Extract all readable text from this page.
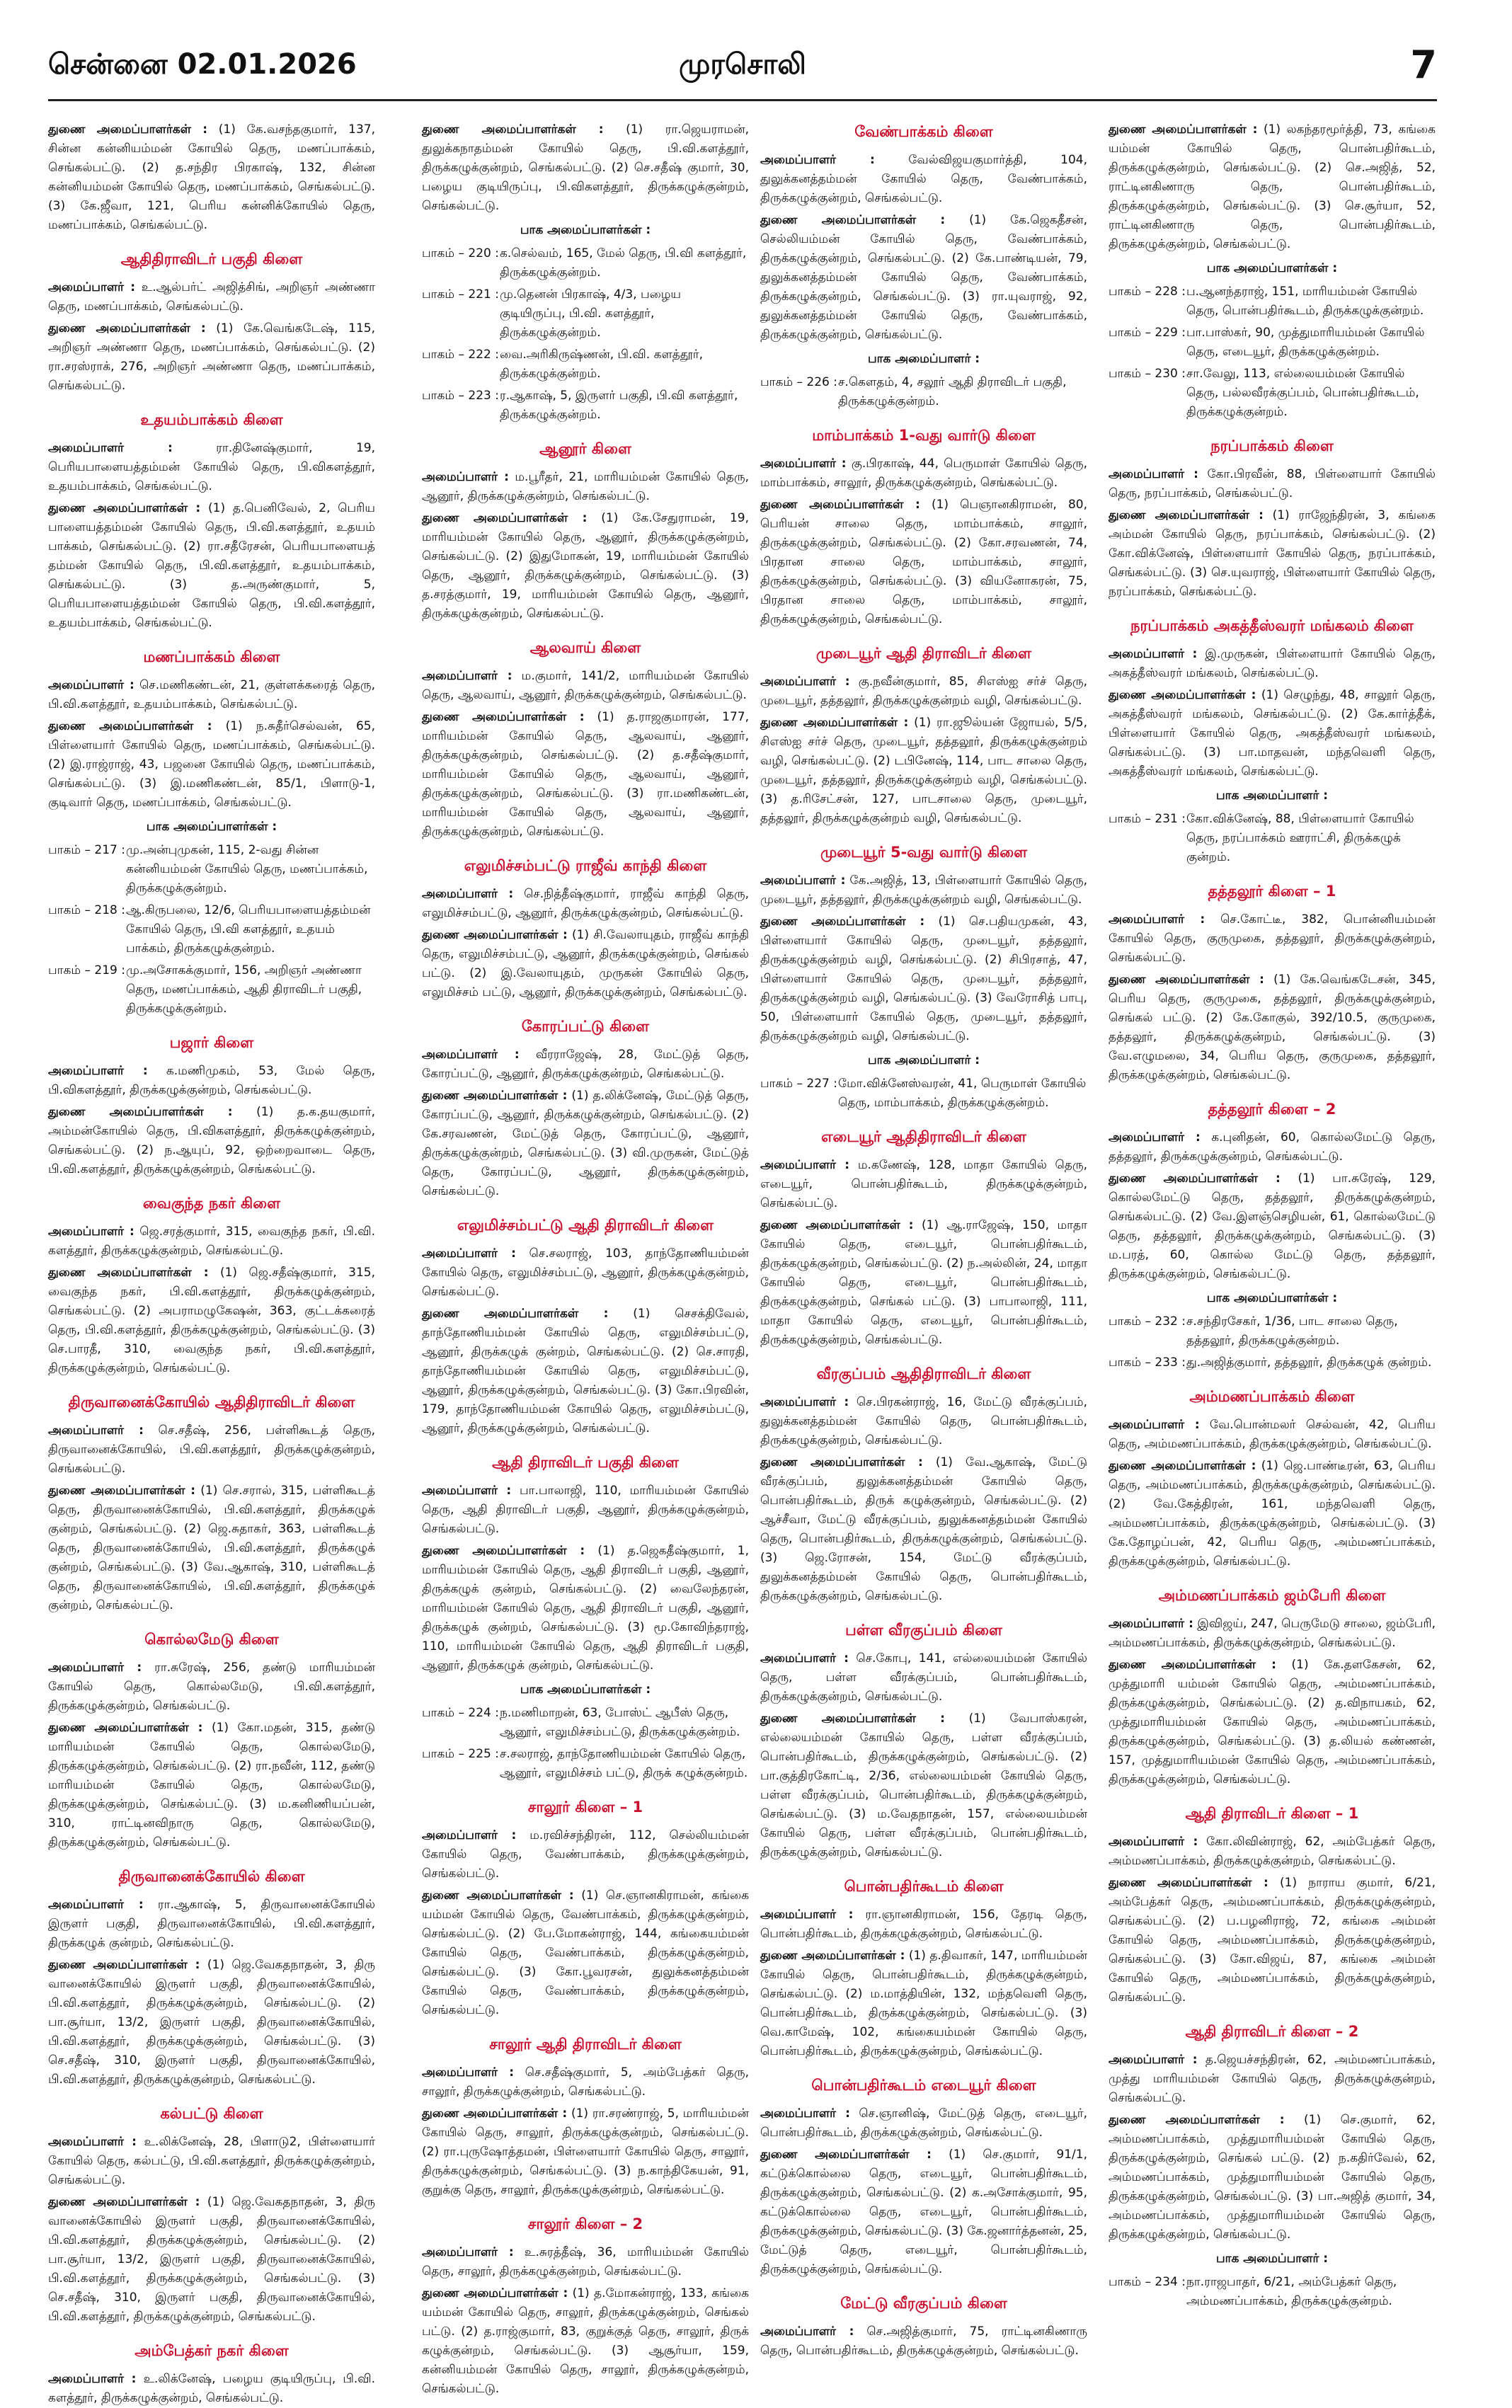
சென்னை 02.01.2026	முரசொலி	7
துணை அமைப்பாளர்கள் : (1) கே.வசந்தகுமார், 137, சின்ன கன்னியம்மன் கோயில் தெரு, மணப்பாக்கம், செங்கல்பட்டு. (2) த.சந்திர பிரகாஷ், 132, சின்ன கன்னியம்மன் கோயில் தெரு, மணப்பாக்கம், செங்கல்பட்டு. (3) கே.ஜீவா, 121, பெரிய கன்னிக்கோயில் தெரு, மணப்பாக்கம், செங்கல்பட்டு.
ஆதிதிராவிடர் பகுதி கிளை
அமைப்பாளர் : உ.ஆல்பர்ட் அஜித்சிங், அறிஞர் அண்ணா தெரு, மணப்பாக்கம், செங்கல்பட்டு.
துணை அமைப்பாளர்கள் : (1) கே.வெங்கடேஷ், 115, அறிஞர் அண்ணா தெரு, மணப்பாக்கம், செங்கல்பட்டு. (2) ரா.சரஸ்ராக், 276, அறிஞர் அண்ணா தெரு, மணப்பாக்கம், செங்கல்பட்டு.
உதயம்பாக்கம் கிளை
அமைப்பாளர் : ரா.தினேஷ்குமார், 19, பெரியபாளையத்தம்மன் கோயில் தெரு, பி.விகளத்தூர், உதயம்பாக்கம், செங்கல்பட்டு.
துணை அமைப்பாளர்கள் : (1) த.பெனிவேல், 2, பெரிய பாளையத்தம்மன் கோயில் தெரு, பி.வி.களத்தூர், உதயம் பாக்கம், செங்கல்பட்டு. (2) ரா.சதீரேசன், பெரியபாளையத் தம்மன் கோயில் தெரு, பி.வி.களத்தூர், உதயம்பாக்கம், செங்கல்பட்டு. (3) த.அருண்குமார், 5, பெரியபாளையத்தம்மன் கோயில் தெரு, பி.வி.களத்தூர், உதயம்பாக்கம், செங்கல்பட்டு.
மணப்பாக்கம் கிளை
அமைப்பாளர் : செ.மணிகண்டன், 21, குள்ளக்கரைத் தெரு, பி.வி.களத்தூர், உதயம்பாக்கம், செங்கல்பட்டு.
துணை அமைப்பாளர்கள் : (1) ந.சுதீர்செல்வன், 65, பிள்ளையார் கோயில் தெரு, மணப்பாக்கம், செங்கல்பட்டு. (2) இ.ராஜ்ராஜ், 43, பஜனை கோயில் தெரு, மணப்பாக்கம், செங்கல்பட்டு. (3) இ.மணிகண்டன், 85/1, பிளாடு-1, குடிவார் தெரு, மணப்பாக்கம், செங்கல்பட்டு.
பாக அமைப்பாளர்கள் :
பாகம் – 217 : மு.அன்புமுகன், 115, 2-வது சின்ன கன்னியம்மன் கோயில் தெரு, மணப்பாக்கம், திருக்கழுக்குன்றம்.
பாகம் – 218 : ஆ.கிருபலை, 12/6, பெரியபாளையத்தம்மன் கோயில் தெரு, பி.வி களத்தூர், உதயம் பாக்கம், திருக்கழுக்குன்றம்.
பாகம் – 219 : மு.அசோகக்குமார், 156, அறிஞர் அண்ணா தெரு, மணப்பாக்கம், ஆதி திராவிடர் பகுதி, திருக்கழுக்குன்றம்.
பஜார் கிளை
அமைப்பாளர் : க.மணிமுகம், 53, மேல் தெரு, பி.விகளத்தூர், திருக்கழுக்குன்றம், செங்கல்பட்டு.
துணை அமைப்பாளர்கள் : (1) த.க.தயகுமார், அம்மன்கோயில் தெரு, பி.விகளத்தூர், திருக்கழுக்குன்றம், செங்கல்பட்டு. (2) ந.ஆயுப், 92, ஒற்றைவாடை தெரு, பி.வி.களத்தூர், திருக்கழுக்குன்றம், செங்கல்பட்டு.
வைகுந்த நகர் கிளை
அமைப்பாளர் : ஜெ.சரத்குமார், 315, வைகுந்த நகர், பி.வி. களத்தூர், திருக்கழுக்குன்றம், செங்கல்பட்டு.
துணை அமைப்பாளர்கள் : (1) ஜெ.சதீஷ்குமார், 315, வைகுந்த நகர், பி.வி.களத்தூர், திருக்கழுக்குன்றம், செங்கல்பட்டு. (2) அபராமழுகேஷன், 363, குட்டக்கரைத் தெரு, பி.வி.களத்தூர், திருக்கழுக்குன்றம், செங்கல்பட்டு. (3) செ.பாரதீ, 310, வைகுந்த நகர், பி.வி.களத்தூர், திருக்கழுக்குன்றம், செங்கல்பட்டு.
திருவானைக்கோயில் ஆதிதிராவிடர் கிளை
அமைப்பாளர் : செ.சதீஷ், 256, பள்ளிகூடத் தெரு, திருவானைக்கோயில், பி.வி.களத்தூர், திருக்கழுக்குன்றம், செங்கல்பட்டு.
துணை அமைப்பாளர்கள் : (1) செ.சரால், 315, பள்ளிகூடத் தெரு, திருவானைக்கோயில், பி.வி.களத்தூர், திருக்கழுக் குன்றம், செங்கல்பட்டு. (2) ஜெ.சுதாகர், 363, பள்ளிகூடத் தெரு, திருவானைக்கோயில், பி.வி.களத்தூர், திருக்கழுக் குன்றம், செங்கல்பட்டு. (3) வே.ஆகாஷ், 310, பள்ளிகூடத் தெரு, திருவானைக்கோயில், பி.வி.களத்தூர், திருக்கழுக் குன்றம், செங்கல்பட்டு.
கொல்லமேடு கிளை
அமைப்பாளர் : ரா.சுரேஷ், 256, தண்டு மாரியம்மன் கோயில் தெரு, கொல்லமேடு, பி.வி.களத்தூர், திருக்கழுக்குன்றம், செங்கல்பட்டு.
துணை அமைப்பாளர்கள் : (1) கோ.மதன், 315, தண்டு மாரியம்மன் கோயில் தெரு, கொல்லமேடு, திருக்கழுக்குன்றம், செங்கல்பட்டு. (2) ரா.நவீன், 112, தண்டு மாரியம்மன் கோயில் தெரு, கொல்லமேடு, திருக்கழுக்குன்றம், செங்கல்பட்டு. (3) ம.கனிணியப்பன், 310, ராட்டினவிநாரு தெரு, கொல்லமேடு, திருக்கழுக்குன்றம், செங்கல்பட்டு.
திருவானைக்கோயில் கிளை
அமைப்பாளர் : ரா.ஆகாஷ், 5, திருவானைக்கோயில் இருளர் பகுதி, திருவானைக்கோயில், பி.வி.களத்தூர், திருக்கழுக் குன்றம், செங்கல்பட்டு.
துணை அமைப்பாளர்கள் : (1) ஜெ.வேகதநாதன், 3, திரு வானைக்கோயில் இருளர் பகுதி, திருவானைக்கோயில், பி.வி.களத்தூர், திருக்கழுக்குன்றம், செங்கல்பட்டு. (2) பா.சூர்யா, 13/2, இருளர் பகுதி, திருவானைக்கோயில், பி.வி.களத்தூர், திருக்கழுக்குன்றம், செங்கல்பட்டு. (3) செ.சதீஷ், 310, இருளர் பகுதி, திருவானைக்கோயில், பி.வி.களத்தூர், திருக்கழுக்குன்றம், செங்கல்பட்டு.
கல்பட்டு கிளை
அமைப்பாளர் : உ.லிக்னேஷ், 28, பிளாடு2, பிள்ளையார் கோயில் தெரு, கல்பட்டு, பி.வி.களத்தூர், திருக்கழுக்குன்றம், செங்கல்பட்டு.
துணை அமைப்பாளர்கள் : (1) ஜெ.வேகதநாதன், 3, திரு வானைக்கோயில் இருளர் பகுதி, திருவானைக்கோயில், பி.வி.களத்தூர், திருக்கழுக்குன்றம், செங்கல்பட்டு. (2) பா.சூர்யா, 13/2, இருளர் பகுதி, திருவானைக்கோயில், பி.வி.களத்தூர், திருக்கழுக்குன்றம், செங்கல்பட்டு. (3) செ.சதீஷ், 310, இருளர் பகுதி, திருவானைக்கோயில், பி.வி.களத்தூர், திருக்கழுக்குன்றம், செங்கல்பட்டு.
அம்பேத்கர் நகர் கிளை
அமைப்பாளர் : உ.லிக்னேஷ், பழைய குடியிருப்பு, பி.வி. களத்தூர், திருக்கழுக்குன்றம், செங்கல்பட்டு.
துணை அமைப்பாளர்கள் : (1) ரா.ஜெயராமன், துலுக்கநாதம்மன் கோயில் தெரு, பி.வி.களத்தூர், திருக்கழுக்குன்றம், செங்கல்பட்டு. (2) செ.சதீஷ் குமார், 30, பழைய குடியிருப்பு, பி.விகளத்தூர், திருக்கழுக்குன்றம், செங்கல்பட்டு.
பாக அமைப்பாளர்கள் :
பாகம் – 220 : க.செல்வம், 165, மேல் தெரு, பி.வி களத்தூர், திருக்கழுக்குன்றம்.
பாகம் – 221 : மு.தெனன் பிரகாஷ், 4/3, பழைய குடியிருப்பு, பி.வி. களத்தூர், திருக்கழுக்குன்றம்.
பாகம் – 222 : வை.அரிகிருஷ்ணன், பி.வி. களத்தூர், திருக்கழுக்குன்றம்.
பாகம் – 223 : ர.ஆகாஷ், 5, இருளர் பகுதி, பி.வி களத்தூர், திருக்கழுக்குன்றம்.
ஆனூர் கிளை
அமைப்பாளர் : ம.பூரீதர், 21, மாரியம்மன் கோயில் தெரு, ஆனூர், திருக்கழுக்குன்றம், செங்கல்பட்டு.
துணை அமைப்பாளர்கள் : (1) கே.சேதுராமன், 19, மாரியம்மன் கோயில் தெரு, ஆனூர், திருக்கழுக்குன்றம், செங்கல்பட்டு. (2) இதுமோகன், 19, மாரியம்மன் கோயில் தெரு, ஆனூர், திருக்கழுக்குன்றம், செங்கல்பட்டு. (3) த.சரத்குமார், 19, மாரியம்மன் கோயில் தெரு, ஆனூர், திருக்கழுக்குன்றம், செங்கல்பட்டு.
ஆலவாய் கிளை
அமைப்பாளர் : ம.குமார், 141/2, மாரியம்மன் கோயில் தெரு, ஆலவாய், ஆனூர், திருக்கழுக்குன்றம், செங்கல்பட்டு.
துணை அமைப்பாளர்கள் : (1) த.ராஜகுமாரன், 177, மாரியம்மன் கோயில் தெரு, ஆலவாய், ஆனூர், திருக்கழுக்குன்றம், செங்கல்பட்டு. (2) த.சதீஷ்குமார், மாரியம்மன் கோயில் தெரு, ஆலவாய், ஆனூர், திருக்கழுக்குன்றம், செங்கல்பட்டு. (3) ரா.மணிகண்டன், மாரியம்மன் கோயில் தெரு, ஆலவாய், ஆனூர், திருக்கழுக்குன்றம், செங்கல்பட்டு.
எலுமிச்சம்பட்டு ராஜீவ் காந்தி கிளை
அமைப்பாளர் : செ.நித்தீஷ்குமார், ராஜீவ் காந்தி தெரு, எலுமிச்சம்பட்டு, ஆனூர், திருக்கழுக்குன்றம், செங்கல்பட்டு.
துணை அமைப்பாளர்கள் : (1) சி.வேலாயுதம், ராஜீவ் காந்தி தெரு, எலுமிச்சம்பட்டு, ஆனூர், திருக்கழுக்குன்றம், செங்கல் பட்டு. (2) இ.வேலாயுதம், முருகன் கோயில் தெரு, எலுமிச்சம் பட்டு, ஆனூர், திருக்கழுக்குன்றம், செங்கல்பட்டு.
கோரப்பட்டு கிளை
அமைப்பாளர் : வீரராஜேஷ், 28, மேட்டுத் தெரு, கோரப்பட்டு, ஆனூர், திருக்கழுக்குன்றம், செங்கல்பட்டு.
துணை அமைப்பாளர்கள் : (1) த.லிக்னேஷ், மேட்டுத் தெரு, கோரப்பட்டு, ஆனூர், திருக்கழுக்குன்றம், செங்கல்பட்டு. (2) கே.சரவணன், மேட்டுத் தெரு, கோரப்பட்டு, ஆனூர், திருக்கழுக்குன்றம், செங்கல்பட்டு. (3) வி.முருகன், மேட்டுத் தெரு, கோரப்பட்டு, ஆனூர், திருக்கழுக்குன்றம், செங்கல்பட்டு.
எலுமிச்சம்பட்டு ஆதி திராவிடர் கிளை
அமைப்பாளர் : செ.சலராஜ், 103, தாந்தோணியம்மன் கோயில் தெரு, எலுமிச்சம்பட்டு, ஆனூர், திருக்கழுக்குன்றம், செங்கல்பட்டு.
துணை அமைப்பாளர்கள் : (1) செசக்திவேல், தாந்தோணியம்மன் கோயில் தெரு, எலுமிச்சம்பட்டு, ஆனூர், திருக்கழுக் குன்றம், செங்கல்பட்டு. (2) செ.சாரதி, தாந்தோணியம்மன் கோயில் தெரு, எலுமிச்சம்பட்டு, ஆனூர், திருக்கழுக்குன்றம், செங்கல்பட்டு. (3) கோ.பிரவின், 179, தாந்தோணியம்மன் கோயில் தெரு, எலுமிச்சம்பட்டு, ஆனூர், திருக்கழுக்குன்றம், செங்கல்பட்டு.
ஆதி திராவிடர் பகுதி கிளை
அமைப்பாளர் : பா.பாலாஜி, 110, மாரியம்மன் கோயில் தெரு, ஆதி திராவிடர் பகுதி, ஆனூர், திருக்கழுக்குன்றம், செங்கல்பட்டு.
துணை அமைப்பாளர்கள் : (1) த.ஜெகதீஷ்குமார், 1, மாரியம்மன் கோயில் தெரு, ஆதி திராவிடர் பகுதி, ஆனூர், திருக்கழுக் குன்றம், செங்கல்பட்டு. (2) வைலேந்தரன், மாரியம்மன் கோயில் தெரு, ஆதி திராவிடர் பகுதி, ஆனூர், திருக்கழுக் குன்றம், செங்கல்பட்டு. (3) மூ.கோவிந்தராஜ், 110, மாரியம்மன் கோயில் தெரு, ஆதி திராவிடர் பகுதி, ஆனூர், திருக்கழுக் குன்றம், செங்கல்பட்டு.
பாக அமைப்பாளர்கள் :
பாகம் – 224 : ந.மணிமாறன், 63, போஸ்ட் ஆபீஸ் தெரு, ஆனூர், எலுமிச்சம்பட்டு, திருக்கழுக்குன்றம்.
பாகம் – 225 : ச.சலராஜ், தாந்தோணியம்மன் கோயில் தெரு, ஆனூர், எலுமிச்சம் பட்டு, திருக் கழுக்குன்றம்.
சாலூர் கிளை – 1
அமைப்பாளர் : ம.ரவிச்சந்திரன், 112, செல்லியம்மன் கோயில் தெரு, வேண்பாக்கம், திருக்கழுக்குன்றம், செங்கல்பட்டு.
துணை அமைப்பாளர்கள் : (1) செ.ஞானகிராமன், கங்கை யம்மன் கோயில் தெரு, வேண்பாக்கம், திருக்கழுக்குன்றம், செங்கல்பட்டு. (2) பே.மோகன்ராஜ், 144, கங்கையம்மன் கோயில் தெரு, வேண்பாக்கம், திருக்கழுக்குன்றம், செங்கல்பட்டு. (3) கோ.பூவரசன், துலுக்கனத்தம்மன் கோயில் தெரு, வேண்பாக்கம், திருக்கழுக்குன்றம், செங்கல்பட்டு.
சாலூர் ஆதி திராவிடர் கிளை
அமைப்பாளர் : செ.சதீஷ்குமார், 5, அம்பேத்கர் தெரு, சாலூர், திருக்கழுக்குன்றம், செங்கல்பட்டு.
துணை அமைப்பாளர்கள் : (1) ரா.சரண்ராஜ், 5, மாரியம்மன் கோயில் தெரு, சாலூர், திருக்கழுக்குன்றம், செங்கல்பட்டு. (2) ரா.புருஷோத்தமன், பிள்ளையார் கோயில் தெரு, சாலூர், திருக்கழுக்குன்றம், செங்கல்பட்டு. (3) ந.காந்திகேயன், 91, குறுக்கு தெரு, சாலூர், திருக்கழுக்குன்றம், செங்கல்பட்டு.
சாலூர் கிளை – 2
அமைப்பாளர் : உ.சுரத்தீஷ், 36, மாரியம்மன் கோயில் தெரு, சாலூர், திருக்கழுக்குன்றம், செங்கல்பட்டு.
துணை அமைப்பாளர்கள் : (1) த.மோகன்ராஜ், 133, கங்கை யம்மன் கோயில் தெரு, சாலூர், திருக்கழுக்குன்றம், செங்கல் பட்டு. (2) த.ராஜ்குமார், 83, குறுக்குத் தெரு, சாலூர், திருக் கழுக்குன்றம், செங்கல்பட்டு. (3) ஆசூர்யா, 159, கன்னியம்மன் கோயில் தெரு, சாலூர், திருக்கழுக்குன்றம், செங்கல்பட்டு.
வேண்பாக்கம் கிளை
அமைப்பாளர் : வேல்விஜயகுமார்த்தி, 104, துலுக்கனத்தம்மன் கோயில் தெரு, வேண்பாக்கம், திருக்கழுக்குன்றம், செங்கல்பட்டு.
துணை அமைப்பாளர்கள் : (1) கே.ஜெகதீசன், செல்லியம்மன் கோயில் தெரு, வேண்பாக்கம், திருக்கழுக்குன்றம், செங்கல்பட்டு. (2) கே.பாண்டியன், 79, துலுக்கனத்தம்மன் கோயில் தெரு, வேண்பாக்கம், திருக்கழுக்குன்றம், செங்கல்பட்டு. (3) ரா.யுவராஜ், 92, துலுக்கனத்தம்மன் கோயில் தெரு, வேண்பாக்கம், திருக்கழுக்குன்றம், செங்கல்பட்டு.
பாக அமைப்பாளர் :
பாகம் – 226 : ச.கௌதம், 4, சலூர் ஆதி திராவிடர் பகுதி, திருக்கழுக்குன்றம்.
மாம்பாக்கம் 1-வது வார்டு கிளை
அமைப்பாளர் : கு.பிரகாஷ், 44, பெருமாள் கோயில் தெரு, மாம்பாக்கம், சாலூர், திருக்கழுக்குன்றம், செங்கல்பட்டு.
துணை அமைப்பாளர்கள் : (1) பெஞானகிராமன், 80, பெரியன் சாலை தெரு, மாம்பாக்கம், சாலூர், திருக்கழுக்குன்றம், செங்கல்பட்டு. (2) கோ.சரவணன், 74, பிரதான சாலை தெரு, மாம்பாக்கம், சாலூர், திருக்கழுக்குன்றம், செங்கல்பட்டு. (3) வியனோகரன், 75, பிரதான சாலை தெரு, மாம்பாக்கம், சாலூர், திருக்கழுக்குன்றம், செங்கல்பட்டு.
முடையூர் ஆதி திராவிடர் கிளை
அமைப்பாளர் : கு.நவீன்குமார், 85, சிஎஸ்ஐ சர்ச் தெரு, முடையூர், தத்தலூர், திருக்கழுக்குன்றம் வழி, செங்கல்பட்டு.
துணை அமைப்பாளர்கள் : (1) ரா.ஜூல்யன் ஜோயல், 5/5, சிஎஸ்ஐ சர்ச் தெரு, முடையூர், தத்தலூர், திருக்கழுக்குன்றம் வழி, செங்கல்பட்டு. (2) டபினேஷ், 114, பாட சாலை தெரு, முடையூர், தத்தலூர், திருக்கழுக்குன்றம் வழி, செங்கல்பட்டு. (3) த.ரிசேட்சன், 127, பாடசாலை தெரு, முடையூர், தத்தலூர், திருக்கழுக்குன்றம் வழி, செங்கல்பட்டு.
முடையூர் 5-வது வார்டு கிளை
அமைப்பாளர் : கே.அஜித், 13, பிள்ளையார் கோயில் தெரு, முடையூர், தத்தலூர், திருக்கழுக்குன்றம் வழி, செங்கல்பட்டு.
துணை அமைப்பாளர்கள் : (1) செ.பதியமுகன், 43, பிள்ளையார் கோயில் தெரு, முடையூர், தத்தலூர், திருக்கழுக்குன்றம் வழி, செங்கல்பட்டு. (2) சிபிரசாத், 47, பிள்ளையார் கோயில் தெரு, முடையூர், தத்தலூர், திருக்கழுக்குன்றம் வழி, செங்கல்பட்டு. (3) வேரோசித் பாபு, 50, பிள்ளையார் கோயில் தெரு, முடையூர், தத்தலூர், திருக்கழுக்குன்றம் வழி, செங்கல்பட்டு.
பாக அமைப்பாளர் :
பாகம் – 227 : மோ.விக்னேஸ்வரன், 41, பெருமாள் கோயில் தெரு, மாம்பாக்கம், திருக்கழுக்குன்றம்.
எடையூர் ஆதிதிராவிடர் கிளை
அமைப்பாளர் : ம.கணேஷ், 128, மாதா கோயில் தெரு, எடையூர், பொன்பதிர்கூடம், திருக்கழுக்குன்றம், செங்கல்பட்டு.
துணை அமைப்பாளர்கள் : (1) ஆ.ராஜேஷ், 150, மாதா கோயில் தெரு, எடையூர், பொன்பதிர்கூடம், திருக்கழுக்குன்றம், செங்கல்பட்டு. (2) ந.அல்லின், 24, மாதா கோயில் தெரு, எடையூர், பொன்பதிர்கூடம், திருக்கழுக்குன்றம், செங்கல் பட்டு. (3) பாபாலாஜி, 111, மாதா கோயில் தெரு, எடையூர், பொன்பதிர்கூடம், திருக்கழுக்குன்றம், செங்கல்பட்டு.
வீரகுப்பம் ஆதிதிராவிடர் கிளை
அமைப்பாளர் : செ.பிரகன்ராஜ், 16, மேட்டு வீரக்குப்பம், துலுக்கனத்தம்மன் கோயில் தெரு, பொன்பதிர்கூடம், திருக்கழுக்குன்றம், செங்கல்பட்டு.
துணை அமைப்பாளர்கள் : (1) வே.ஆகாஷ், மேட்டு வீரக்குப்பம், துலுக்கனத்தம்மன் கோயில் தெரு, பொன்பதிர்கூடம், திருக் கழுக்குன்றம், செங்கல்பட்டு. (2) ஆச்சீவா, மேட்டு வீரக்குப்பம், துலுக்கனத்தம்மன் கோயில் தெரு, பொன்பதிர்கூடம், திருக்கழுக்குன்றம், செங்கல்பட்டு. (3) ஜெ.ரோசன், 154, மேட்டு வீரக்குப்பம், துலுக்கனத்தம்மன் கோயில் தெரு, பொன்பதிர்கூடம், திருக்கழுக்குன்றம், செங்கல்பட்டு.
பள்ள வீரகுப்பம் கிளை
அமைப்பாளர் : செ.கோபு, 141, எல்லையம்மன் கோயில் தெரு, பள்ள வீரக்குப்பம், பொன்பதிர்கூடம், திருக்கழுக்குன்றம், செங்கல்பட்டு.
துணை அமைப்பாளர்கள் : (1) வேபாஸ்கரன், எல்லையம்மன் கோயில் தெரு, பள்ள வீரக்குப்பம், பொன்பதிர்கூடம், திருக்கழுக்குன்றம், செங்கல்பட்டு. (2) பா.குத்திரகோட்டி, 2/36, எல்லையம்மன் கோயில் தெரு, பள்ள வீரக்குப்பம், பொன்பதிர்கூடம், திருக்கழுக்குன்றம், செங்கல்பட்டு. (3) ம.வேதநாதன், 157, எல்லையம்மன் கோயில் தெரு, பள்ள வீரக்குப்பம், பொன்பதிர்கூடம், திருக்கழுக்குன்றம், செங்கல்பட்டு.
பொன்பதிர்கூடம் கிளை
அமைப்பாளர் : ரா.ஞானகிராமன், 156, தேரடி தெரு, பொன்பதிர்கூடம், திருக்கழுக்குன்றம், செங்கல்பட்டு.
துணை அமைப்பாளர்கள் : (1) த.திவாகர், 147, மாரியம்மன் கோயில் தெரு, பொன்பதிர்கூடம், திருக்கழுக்குன்றம், செங்கல்பட்டு. (2) ம.மாத்தியின், 132, மந்தவெளி தெரு, பொன்பதிர்கூடம், திருக்கழுக்குன்றம், செங்கல்பட்டு. (3) வெ.காமேஷ், 102, கங்கையம்மன் கோயில் தெரு, பொன்பதிர்கூடம், திருக்கழுக்குன்றம், செங்கல்பட்டு.
பொன்பதிர்கூடம் எடையூர் கிளை
அமைப்பாளர் : செ.ஞானிஷ், மேட்டுத் தெரு, எடையூர், பொன்பதிர்கூடம், திருக்கழுக்குன்றம், செங்கல்பட்டு.
துணை அமைப்பாளர்கள் : (1) செ.குமார், 91/1, கட்டுக்கொல்லை தெரு, எடையூர், பொன்பதிர்கூடம், திருக்கழுக்குன்றம், செங்கல்பட்டு. (2) க.அசோக்குமார், 95, கட்டுக்கொல்லை தெரு, எடையூர், பொன்பதிர்கூடம், திருக்கழுக்குன்றம், செங்கல்பட்டு. (3) கே.ஜனார்த்தனன், 25, மேட்டுத் தெரு, எடையூர், பொன்பதிர்கூடம், திருக்கழுக்குன்றம், செங்கல்பட்டு.
மேட்டு வீரகுப்பம் கிளை
அமைப்பாளர் : செ.அஜித்குமார், 75, ராட்டினகிணாரு தெரு, பொன்பதிர்கூடம், திருக்கழுக்குன்றம், செங்கல்பட்டு.
துணை அமைப்பாளர்கள் : (1) லகந்தரமூர்த்தி, 73, கங்கை யம்மன் கோயில் தெரு, பொன்பதிர்கூடம், திருக்கழுக்குன்றம், செங்கல்பட்டு. (2) செ.அஜித், 52, ராட்டினகிணாரு தெரு, பொன்பதிர்கூடம், திருக்கழுக்குன்றம், செங்கல்பட்டு. (3) செ.சூர்யா, 52, ராட்டினகிணாரு தெரு, பொன்பதிர்கூடம், திருக்கழுக்குன்றம், செங்கல்பட்டு.
பாக அமைப்பாளர்கள் :
பாகம் – 228 : ப.ஆனந்தராஜ், 151, மாரியம்மன் கோயில் தெரு, பொன்பதிர்கூடம், திருக்கழுக்குன்றம்.
பாகம் – 229 : பா.பாஸ்கர், 90, முத்துமாரியம்மன் கோயில் தெரு, எடையூர், திருக்கழுக்குன்றம்.
பாகம் – 230 : சா.வேலு, 113, எல்லையம்மன் கோயில் தெரு, பல்லவீரக்குப்பம், பொன்பதிர்கூடம், திருக்கழுக்குன்றம்.
நரப்பாக்கம் கிளை
அமைப்பாளர் : கோ.பிரவீன், 88, பிள்ளையார் கோயில் தெரு, நரப்பாக்கம், செங்கல்பட்டு.
துணை அமைப்பாளர்கள் : (1) ராஜேந்திரன், 3, கங்கை அம்மன் கோயில் தெரு, நரப்பாக்கம், செங்கல்பட்டு. (2) கோ.விக்னேஷ், பிள்ளையார் கோயில் தெரு, நரப்பாக்கம், செங்கல்பட்டு. (3) செ.யுவராஜ், பிள்ளையார் கோயில் தெரு, நரப்பாக்கம், செங்கல்பட்டு.
நரப்பாக்கம் அகத்தீஸ்வரர் மங்கலம் கிளை
அமைப்பாளர் : இ.முருகன், பிள்ளையார் கோயில் தெரு, அகத்தீஸ்வரர் மங்கலம், செங்கல்பட்டு.
துணை அமைப்பாளர்கள் : (1) செழுந்து, 48, சாலூர் தெரு, அகத்தீஸ்வரர் மங்கலம், செங்கல்பட்டு. (2) கே.கார்த்தீக், பிள்ளையார் கோயில் தெரு, அகத்தீஸ்வரர் மங்கலம், செங்கல்பட்டு. (3) பா.மாதவன், மந்தவெளி தெரு, அகத்தீஸ்வரர் மங்கலம், செங்கல்பட்டு.
பாக அமைப்பாளர் :
பாகம் – 231 : கோ.விக்னேஷ், 88, பிள்ளையார் கோயில் தெரு, நரப்பாக்கம் ஊராட்சி, திருக்கழுக் குன்றம்.
தத்தலூர் கிளை – 1
அமைப்பாளர் : செ.கோட்டீ, 382, பொன்னியம்மன் கோயில் தெரு, குருமுகை, தத்தலூர், திருக்கழுக்குன்றம், செங்கல்பட்டு.
துணை அமைப்பாளர்கள் : (1) கே.வெங்கடேசன், 345, பெரிய தெரு, குருமுகை, தத்தலூர், திருக்கழுக்குன்றம், செங்கல் பட்டு. (2) கே.கோகுல், 392/10.5, குருமுகை, தத்தலூர், திருக்கழுக்குன்றம், செங்கல்பட்டு. (3) வே.எழுமலை, 34, பெரிய தெரு, குருமுகை, தத்தலூர், திருக்கழுக்குன்றம், செங்கல்பட்டு.
தத்தலூர் கிளை – 2
அமைப்பாளர் : க.புனிதன், 60, கொல்லமேட்டு தெரு, தத்தலூர், திருக்கழுக்குன்றம், செங்கல்பட்டு.
துணை அமைப்பாளர்கள் : (1) பா.சுரேஷ், 129, கொல்லமேட்டு தெரு, தத்தலூர், திருக்கழுக்குன்றம், செங்கல்பட்டு. (2) வே.இளஞ்செழியன், 61, கொல்லமேட்டு தெரு, தத்தலூர், திருக்கழுக்குன்றம், செங்கல்பட்டு. (3) ம.பரத், 60, கொல்ல மேட்டு தெரு, தத்தலூர், திருக்கழுக்குன்றம், செங்கல்பட்டு.
பாக அமைப்பாளர்கள் :
பாகம் – 232 : ச.சந்திரசேகர், 1/36, பாட சாலை தெரு, தத்தலூர், திருக்கழுக்குன்றம்.
பாகம் – 233 : து.அஜித்குமார், தத்தலூர், திருக்கழுக் குன்றம்.
அம்மணப்பாக்கம் கிளை
அமைப்பாளர் : வே.பொன்மலர் செல்வன், 42, பெரிய தெரு, அம்மணப்பாக்கம், திருக்கழுக்குன்றம், செங்கல்பட்டு.
துணை அமைப்பாளர்கள் : (1) ஜெ.பாண்டீரன், 63, பெரிய தெரு, அம்மணப்பாக்கம், திருக்கழுக்குன்றம், செங்கல்பட்டு. (2) வே.கேத்திரன், 161, மந்தவெளி தெரு, அம்மணப்பாக்கம், திருக்கழுக்குன்றம், செங்கல்பட்டு. (3) கே.தோழப்பன், 42, பெரிய தெரு, அம்மணப்பாக்கம், திருக்கழுக்குன்றம், செங்கல்பட்டு.
அம்மணப்பாக்கம் ஜம்பேரி கிளை
அமைப்பாளர் : இவிஜய், 247, பெருமேடு சாலை, ஜம்பேரி, அம்மணப்பாக்கம், திருக்கழுக்குன்றம், செங்கல்பட்டு.
துணை அமைப்பாளர்கள் : (1) கே.தளகேசன், 62, முத்துமாரி யம்மன் கோயில் தெரு, அம்மணப்பாக்கம், திருக்கழுக்குன்றம், செங்கல்பட்டு. (2) த.விநாயகம், 62, முத்துமாரியம்மன் கோயில் தெரு, அம்மணப்பாக்கம், திருக்கழுக்குன்றம், செங்கல்பட்டு. (3) த.லியல் கண்ணன், 157, முத்துமாரியம்மன் கோயில் தெரு, அம்மணப்பாக்கம், திருக்கழுக்குன்றம், செங்கல்பட்டு.
ஆதி திராவிடர் கிளை – 1
அமைப்பாளர் : கோ.லிவின்ராஜ், 62, அம்பேத்கர் தெரு, அம்மணப்பாக்கம், திருக்கழுக்குன்றம், செங்கல்பட்டு.
துணை அமைப்பாளர்கள் : (1) நாராய குமார், 6/21, அம்பேத்கர் தெரு, அம்மணப்பாக்கம், திருக்கழுக்குன்றம், செங்கல்பட்டு. (2) ப.பழனிராஜ், 72, கங்கை அம்மன் கோயில் தெரு, அம்மணப்பாக்கம், திருக்கழுக்குன்றம், செங்கல்பட்டு. (3) கோ.விஜய், 87, கங்கை அம்மன் கோயில் தெரு, அம்மணப்பாக்கம், திருக்கழுக்குன்றம், செங்கல்பட்டு.
ஆதி திராவிடர் கிளை – 2
அமைப்பாளர் : த.ஜெயச்சந்திரன், 62, அம்மணப்பாக்கம், முத்து மாரியம்மன் கோயில் தெரு, திருக்கழுக்குன்றம், செங்கல்பட்டு.
துணை அமைப்பாளர்கள் : (1) செ.குமார், 62, அம்மணப்பாக்கம், முத்துமாரியம்மன் கோயில் தெரு, திருக்கழுக்குன்றம், செங்கல் பட்டு. (2) ந.கதிர்வேல், 62, அம்மணப்பாக்கம், முத்துமாரியம்மன் கோயில் தெரு, திருக்கழுக்குன்றம், செங்கல்பட்டு. (3) பா.அஜித் குமார், 34, அம்மணப்பாக்கம், முத்துமாரியம்மன் கோயில் தெரு, திருக்கழுக்குன்றம், செங்கல்பட்டு.
பாக அமைப்பாளர் :
பாகம் – 234 : நா.ராஜபாதர், 6/21, அம்பேத்கர் தெரு, அம்மணப்பாக்கம், திருக்கழுக்குன்றம்.
